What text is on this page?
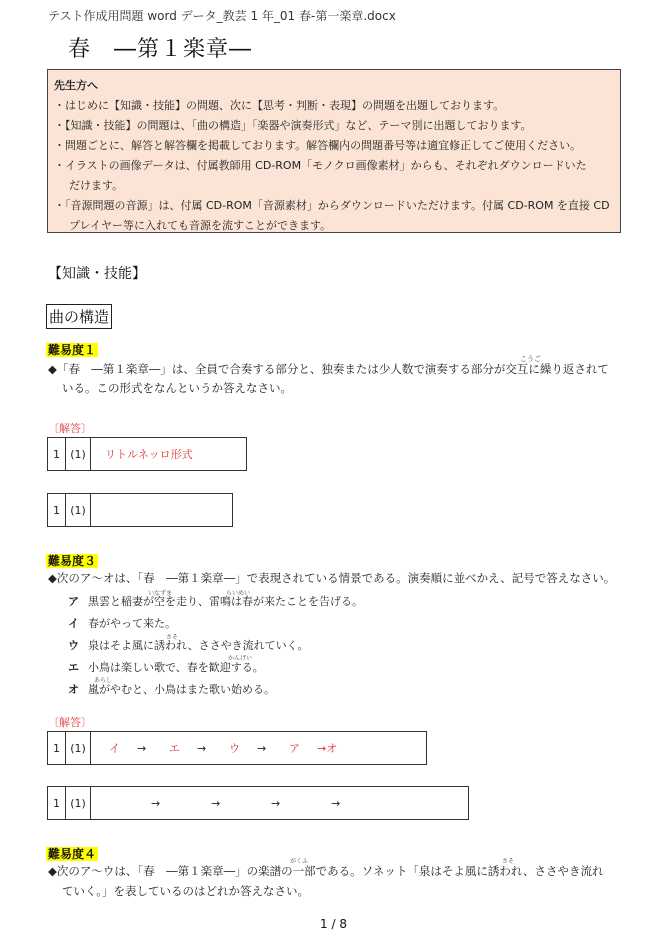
テスト作成用問題 word データ_教芸 1 年_01 春-第一楽章.docx
春　―第１楽章―
先生方へ
・はじめに【知識・技能】の問題、次に【思考・判断・表現】の問題を出題しております。
・【知識・技能】の問題は、「曲の構造」「楽器や演奏形式」など、テーマ別に出題しております。
・問題ごとに、解答と解答欄を掲載しております。解答欄内の問題番号等は適宜修正してご使用ください。
・イラストの画像データは、付属教師用 CD-ROM「モノクロ画像素材」からも、それぞれダウンロードいた
だけます。
・「音源問題の音源」は、付属 CD-ROM「音源素材」からダウンロードいただけます。付属 CD-ROM を直接 CD
プレイヤー等に入れても音源を流すことができます。
【知識・技能】
曲の構造
難易度１
こうご
◆「春　―第１楽章―」は、全員で合奏する部分と、独奏または少人数で演奏する部分が交互に繰り返されて
いる。この形式をなんというか答えなさい。
〔解答〕
1	(1)	リトルネッロ形式
1	(1)	
難易度３
◆次のア～オは、「春　―第１楽章―」で表現されている情景である。演奏順に並べかえ、記号で答えなさい。
ア 黒雲と稲妻が空を走り、雷鳴は春が来たことを告げる。
イ 春がやって来た。
ウ 泉はそよ風に誘われ、ささやき流れていく。
エ 小鳥は楽しい歌で、春を歓迎する。
オ 嵐がやむと、小鳥はまた歌い始める。
いなずま	らいめい
さそ
かんげい
あらし
〔解答〕
1	(1)	イ → エ → ウ → ア →オ
1	(1)	→	→	→	→
難易度４
がくふ	さそ
◆次のア～ウは、「春　―第１楽章―」の楽譜の一部である。ソネット「泉はそよ風に誘われ、ささやき流れ
ていく。」を表しているのはどれか答えなさい。
1 / 8
